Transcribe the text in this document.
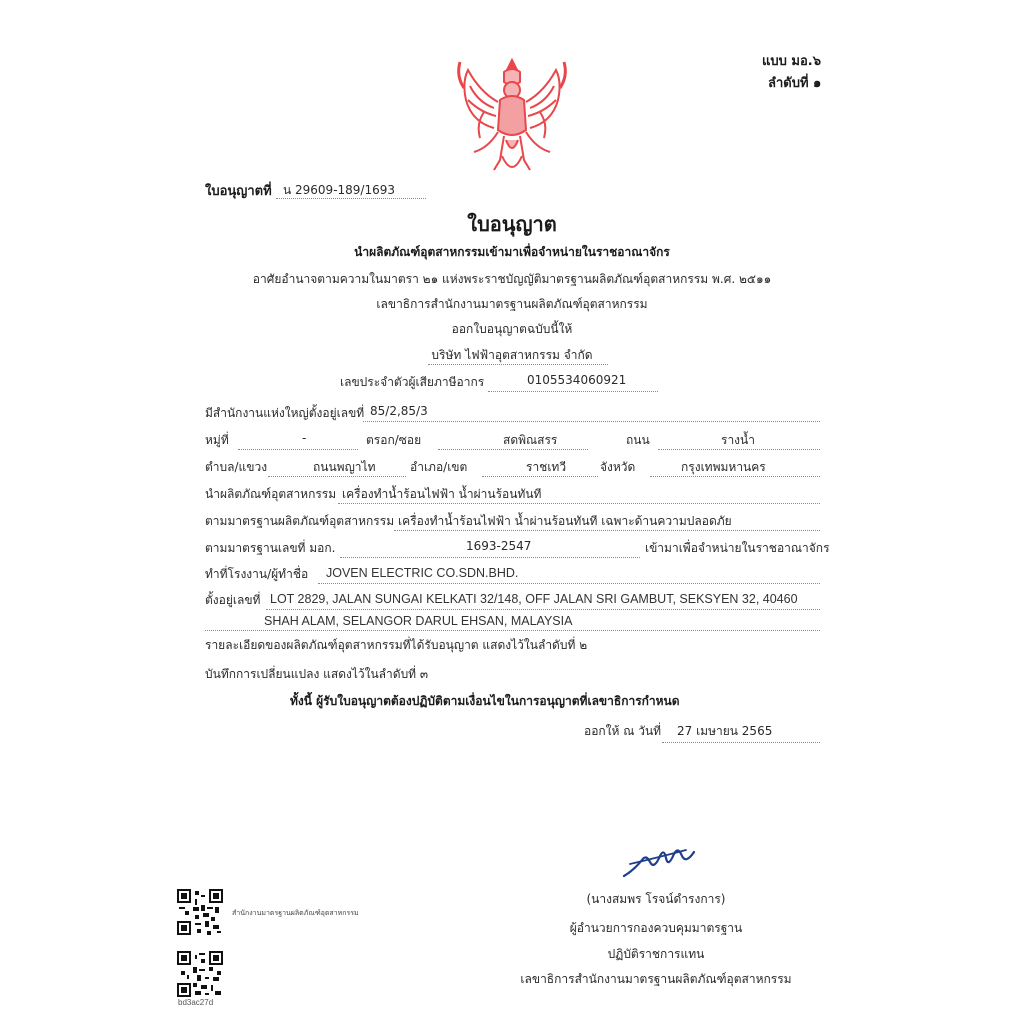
แบบ มอ.๖
ลำดับที่ ๑
ใบอนุญาตที่ น 29609-189/1693
ใบอนุญาต
นำผลิตภัณฑ์อุตสาหกรรมเข้ามาเพื่อจำหน่ายในราชอาณาจักร
อาศัยอำนาจตามความในมาตรา ๒๑ แห่งพระราชบัญญัติมาตรฐานผลิตภัณฑ์อุตสาหกรรม พ.ศ. ๒๕๑๑
เลขาธิการสำนักงานมาตรฐานผลิตภัณฑ์อุตสาหกรรม
ออกใบอนุญาตฉบับนี้ให้
บริษัท ไฟฟ้าอุตสาหกรรม จำกัด
เลขประจำตัวผู้เสียภาษีอากร	0105534060921
มีสำนักงานแห่งใหญ่ตั้งอยู่เลขที่ 85/2,85/3
หมู่ที่	-	ตรอก/ซอย	สดพิณสรร	ถนน	รางน้ำ
ตำบล/แขวง	ถนนพญาไท	อำเภอ/เขต	ราชเทวี	จังหวัด	กรุงเทพมหานคร
นำผลิตภัณฑ์อุตสาหกรรม เครื่องทำน้ำร้อนไฟฟ้า น้ำผ่านร้อนทันที
ตามมาตรฐานผลิตภัณฑ์อุตสาหกรรม เครื่องทำน้ำร้อนไฟฟ้า น้ำผ่านร้อนทันที เฉพาะด้านความปลอดภัย
ตามมาตรฐานเลขที่ มอก.	1693-2547	เข้ามาเพื่อจำหน่ายในราชอาณาจักร
ทำที่โรงงาน/ผู้ทำชื่อ JOVEN ELECTRIC CO.SDN.BHD.
ตั้งอยู่เลขที่ LOT 2829, JALAN SUNGAI KELKATI 32/148, OFF JALAN SRI GAMBUT, SEKSYEN 32, 40460
SHAH ALAM, SELANGOR DARUL EHSAN, MALAYSIA
รายละเอียดของผลิตภัณฑ์อุตสาหกรรมที่ได้รับอนุญาต แสดงไว้ในลำดับที่ ๒
บันทึกการเปลี่ยนแปลง แสดงไว้ในลำดับที่ ๓
ทั้งนี้ ผู้รับใบอนุญาตต้องปฏิบัติตามเงื่อนไขในการอนุญาตที่เลขาธิการกำหนด
ออกให้ ณ วันที่ 27 เมษายน 2565
(นางสมพร โรจน์ดำรงการ)
ผู้อำนวยการกองควบคุมมาตรฐาน
ปฏิบัติราชการแทน
เลขาธิการสำนักงานมาตรฐานผลิตภัณฑ์อุตสาหกรรม
สำนักงานมาตรฐานผลิตภัณฑ์อุตสาหกรรม
bd3ac27d
